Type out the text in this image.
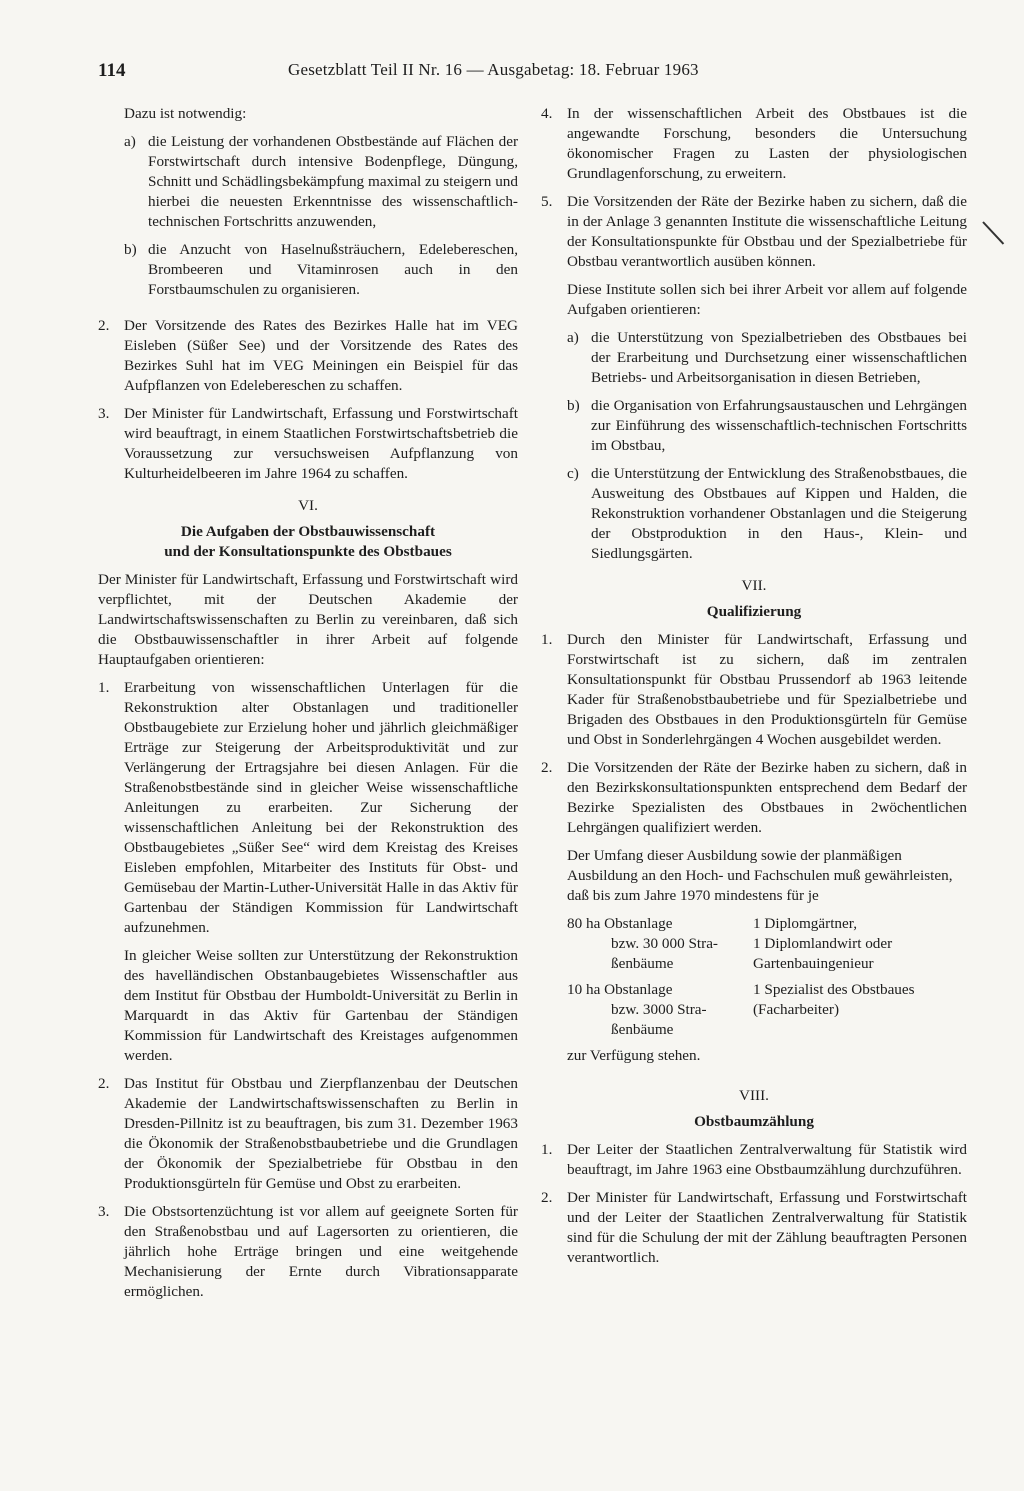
114	Gesetzblatt Teil II Nr. 16 — Ausgabetag: 18. Februar 1963

Dazu ist notwendig:

a) die Leistung der vorhandenen Obstbestände auf Flächen der Forstwirtschaft durch intensive Bodenpflege, Düngung, Schnitt und Schädlingsbekämpfung maximal zu steigern und hierbei die neuesten Erkenntnisse des wissenschaftlich-technischen Fortschritts anzuwenden,
b) die Anzucht von Haselnußsträuchern, Edelebereschen, Brombeeren und Vitaminrosen auch in den Forstbaumschulen zu organisieren.
2. Der Vorsitzende des Rates des Bezirkes Halle hat im VEG Eisleben (Süßer See) und der Vorsitzende des Rates des Bezirkes Suhl hat im VEG Meiningen ein Beispiel für das Aufpflanzen von Edelebereschen zu schaffen.
3. Der Minister für Landwirtschaft, Erfassung und Forstwirtschaft wird beauftragt, in einem Staatlichen Forstwirtschaftsbetrieb die Voraussetzung zur versuchsweisen Aufpflanzung von Kulturheidelbeeren im Jahre 1964 zu schaffen.
VI.
Die Aufgaben der Obstbauwissenschaft
und der Konsultationspunkte des Obstbaues

Der Minister für Landwirtschaft, Erfassung und Forstwirtschaft wird verpflichtet, mit der Deutschen Akademie der Landwirtschaftswissenschaften zu Berlin zu vereinbaren, daß sich die Obstbauwissenschaftler in ihrer Arbeit auf folgende Hauptaufgaben orientieren:

1. Erarbeitung von wissenschaftlichen Unterlagen für die Rekonstruktion alter Obstanlagen und traditioneller Obstbaugebiete zur Erzielung hoher und jährlich gleichmäßiger Erträge zur Steigerung der Arbeitsproduktivität und zur Verlängerung der Ertragsjahre bei diesen Anlagen. Für die Straßenobstbestände sind in gleicher Weise wissenschaftliche Anleitungen zu erarbeiten. Zur Sicherung der wissenschaftlichen Anleitung bei der Rekonstruktion des Obstbaugebietes „Süßer See“ wird dem Kreistag des Kreises Eisleben empfohlen, Mitarbeiter des Instituts für Obst- und Gemüsebau der Martin-Luther-Universität Halle in das Aktiv für Gartenbau der Ständigen Kommission für Landwirtschaft aufzunehmen.

In gleicher Weise sollten zur Unterstützung der Rekonstruktion des havelländischen Obstanbaugebietes Wissenschaftler aus dem Institut für Obstbau der Humboldt-Universität zu Berlin in Marquardt in das Aktiv für Gartenbau der Ständigen Kommission für Landwirtschaft des Kreistages aufgenommen werden.

2. Das Institut für Obstbau und Zierpflanzenbau der Deutschen Akademie der Landwirtschaftswissenschaften zu Berlin in Dresden-Pillnitz ist zu beauftragen, bis zum 31. Dezember 1963 die Ökonomik der Straßenobstbaubetriebe und die Grundlagen der Ökonomik der Spezialbetriebe für Obstbau in den Produktionsgürteln für Gemüse und Obst zu erarbeiten.
3. Die Obstsortenzüchtung ist vor allem auf geeignete Sorten für den Straßenobstbau und auf Lagersorten zu orientieren, die jährlich hohe Erträge bringen und eine weitgehende Mechanisierung der Ernte durch Vibrationsapparate ermöglichen.
4. In der wissenschaftlichen Arbeit des Obstbaues ist die angewandte Forschung, besonders die Untersuchung ökonomischer Fragen zu Lasten der physiologischen Grundlagenforschung, zu erweitern.
5. Die Vorsitzenden der Räte der Bezirke haben zu sichern, daß die in der Anlage 3 genannten Institute die wissenschaftliche Leitung der Konsultationspunkte für Obstbau und der Spezialbetriebe für Obstbau verantwortlich ausüben können.

Diese Institute sollen sich bei ihrer Arbeit vor allem auf folgende Aufgaben orientieren:

a) die Unterstützung von Spezialbetrieben des Obstbaues bei der Erarbeitung und Durchsetzung einer wissenschaftlichen Betriebs- und Arbeitsorganisation in diesen Betrieben,
b) die Organisation von Erfahrungsaustauschen und Lehrgängen zur Einführung des wissenschaftlich-technischen Fortschritts im Obstbau,
c) die Unterstützung der Entwicklung des Straßenobstbaues, die Ausweitung des Obstbaues auf Kippen und Halden, die Rekonstruktion vorhandener Obstanlagen und die Steigerung der Obstproduktion in den Haus-, Klein- und Siedlungsgärten.
VII.
Qualifizierung
1. Durch den Minister für Landwirtschaft, Erfassung und Forstwirtschaft ist zu sichern, daß im zentralen Konsultationspunkt für Obstbau Prussendorf ab 1963 leitende Kader für Straßenobstbaubetriebe und für Spezialbetriebe und Brigaden des Obstbaues in den Produktionsgürteln für Gemüse und Obst in Sonderlehrgängen 4 Wochen ausgebildet werden.
2. Die Vorsitzenden der Räte der Bezirke haben zu sichern, daß in den Bezirkskonsultationspunkten entsprechend dem Bedarf der Bezirke Spezialisten des Obstbaues in 2wöchentlichen Lehrgängen qualifiziert werden.

Der Umfang dieser Ausbildung sowie der planmäßigen Ausbildung an den Hoch- und Fachschulen muß gewährleisten, daß bis zum Jahre 1970 mindestens für je

80 ha Obstanlage
bzw. 30 000 Stra-
ßenbäume
1 Diplomgärtner,
1 Diplomlandwirt oder
Gartenbauingenieur
10 ha Obstanlage
bzw. 3000 Stra-
ßenbäume
1 Spezialist des Obstbaues
(Facharbeiter)

zur Verfügung stehen.

VIII.
Obstbaumzählung
1. Der Leiter der Staatlichen Zentralverwaltung für Statistik wird beauftragt, im Jahre 1963 eine Obstbaumzählung durchzuführen.
2. Der Minister für Landwirtschaft, Erfassung und Forstwirtschaft und der Leiter der Staatlichen Zentralverwaltung für Statistik sind für die Schulung der mit der Zählung beauftragten Personen verantwortlich.
